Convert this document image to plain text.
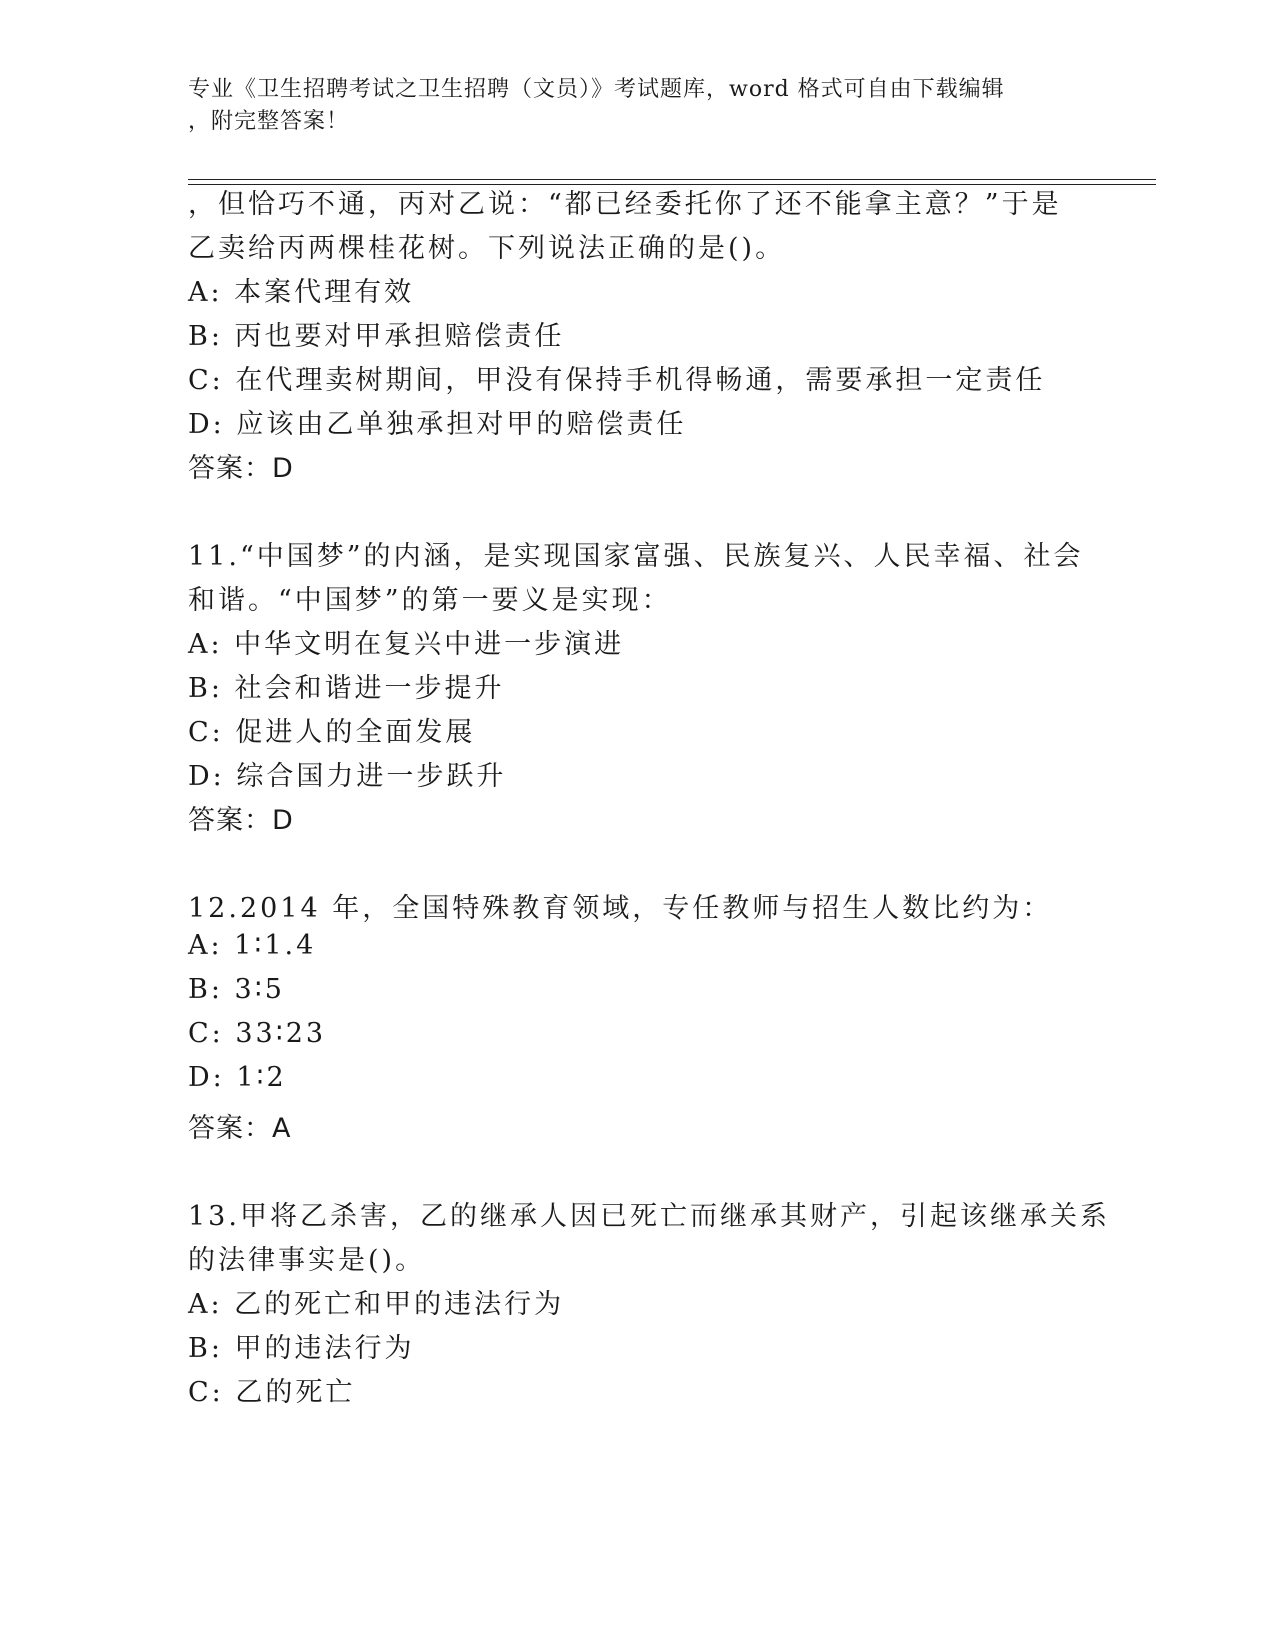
专业《卫生招聘考试之卫生招聘（文员）》考试题库，word 格式可自由下载编辑
，附完整答案！
，但恰巧不通，丙对乙说：“都已经委托你了还不能拿主意？”于是
乙卖给丙两棵桂花树。下列说法正确的是()。
A: 本案代理有效
B: 丙也要对甲承担赔偿责任
C: 在代理卖树期间，甲没有保持手机得畅通，需要承担一定责任
D: 应该由乙单独承担对甲的赔偿责任
答案：D
11.“中国梦”的内涵，是实现国家富强、民族复兴、人民幸福、社会
和谐。“中国梦”的第一要义是实现：
A: 中华文明在复兴中进一步演进
B: 社会和谐进一步提升
C: 促进人的全面发展
D: 综合国力进一步跃升
答案：D
12.2014 年，全国特殊教育领域，专任教师与招生人数比约为：
A: 1∶1.4
B: 3∶5
C: 33∶23
D: 1∶2
答案：A
13.甲将乙杀害，乙的继承人因已死亡而继承其财产，引起该继承关系
的法律事实是()。
A: 乙的死亡和甲的违法行为
B: 甲的违法行为
C: 乙的死亡
